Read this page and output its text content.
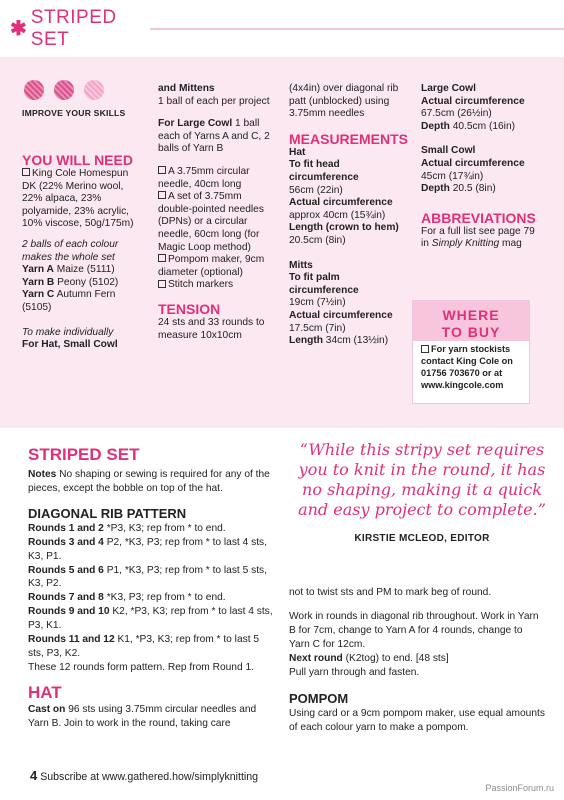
✱
STRIPED SET
IMPROVE YOUR SKILLS

YOU WILL NEED

King Cole Homespun DK (22% Merino wool, 22% alpaca, 23% polyamide, 23% acrylic, 10% viscose, 50g/175m)

2 balls of each colour makes the whole set

Yarn A Maize (5111)

Yarn B Peony (5102)

Yarn C Autumn Fern (5105)

To make individually

For Hat, Small Cowl

and Mittens

1 ball of each per project

For Large Cowl 1 ball each of Yarns A and C, 2 balls of Yarn B

A 3.75mm circular needle, 40cm long

A set of 3.75mm double-pointed needles (DPNs) or a circular needle, 60cm long (for Magic Loop method)

Pompom maker, 9cm diameter (optional)

Stitch markers

TENSION

24 sts and 33 rounds to measure 10x10cm

(4x4in) over diagonal rib patt (unblocked) using 3.75mm needles

MEASUREMENTS

Hat

To fit head circumference

56cm (22in)

Actual circumference

approx 40cm (15¾in)

Length (crown to hem)

20.5cm (8in)

Mitts

To fit palm circumference

19cm (7½in)

Actual circumference

17.5cm (7in)

Length 34cm (13½in)

Large Cowl

Actual circumference

67.5cm (26½in)

Depth 40.5cm (16in)

Small Cowl

Actual circumference

45cm (17¾in)

Depth 20.5 (8in)

ABBREVIATIONS

For a full list see page 79 in Simply Knitting mag

WHERE
TO BUY
For yarn stockists contact King Cole on 01756 703670 or at www.kingcole.com

STRIPED SET

Notes No shaping or sewing is required for any of the pieces, except the bobble on top of the hat.

DIAGONAL RIB PATTERN

Rounds 1 and 2 *P3, K3; rep from * to end.

Rounds 3 and 4 P2, *K3, P3; rep from * to last 4 sts, K3, P1.

Rounds 5 and 6 P1, *K3, P3; rep from * to last 5 sts, K3, P2.

Rounds 7 and 8 *K3, P3; rep from * to end.

Rounds 9 and 10 K2, *P3, K3; rep from * to last 4 sts, P3, K1.

Rounds 11 and 12 K1, *P3, K3; rep from * to last 5 sts, P3, K2.

These 12 rounds form pattern. Rep from Round 1.

HAT

Cast on 96 sts using 3.75mm circular needles and Yarn B. Join to work in the round, taking care

“While this stripy set requires you to knit in the round, it has no shaping, making it a quick and easy project to complete.”
KIRSTIE MCLEOD, EDITOR

not to twist sts and PM to mark beg of round.

Work in rounds in diagonal rib throughout. Work in Yarn B for 7cm, change to Yarn A for 4 rounds, change to Yarn C for 12cm.

Next round (K2tog) to end. [48 sts]

Pull yarn through and fasten.

POMPOM

Using card or a 9cm pompom maker, use equal amounts of each colour yarn to make a pompom.

4 Subscribe at www.gathered.how/simplyknitting
PassionForum.ru
